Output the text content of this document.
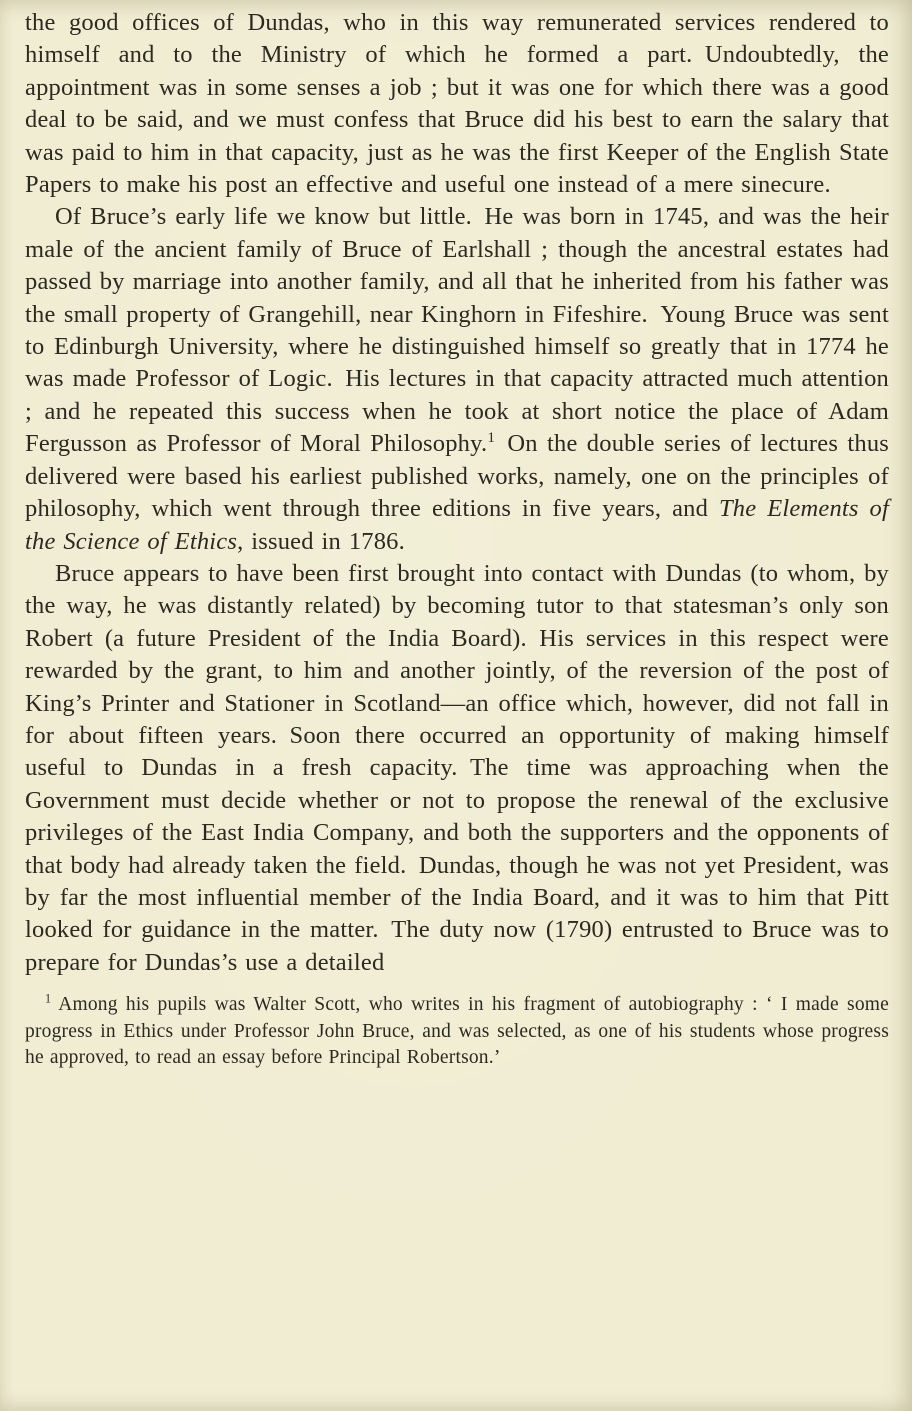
the good offices of Dundas, who in this way remunerated services rendered to himself and to the Ministry of which he formed a part. Undoubtedly, the appointment was in some senses a job ; but it was one for which there was a good deal to be said, and we must confess that Bruce did his best to earn the salary that was paid to him in that capacity, just as he was the first Keeper of the English State Papers to make his post an effective and useful one instead of a mere sinecure.

Of Bruce’s early life we know but little. He was born in 1745, and was the heir male of the ancient family of Bruce of Earlshall ; though the ancestral estates had passed by marriage into another family, and all that he inherited from his father was the small property of Grangehill, near Kinghorn in Fifeshire. Young Bruce was sent to Edinburgh University, where he distinguished himself so greatly that in 1774 he was made Professor of Logic. His lectures in that capacity attracted much attention ; and he repeated this success when he took at short notice the place of Adam Fergusson as Professor of Moral Philosophy.$^1$ On the double series of lectures thus delivered were based his earliest published works, namely, one on the principles of philosophy, which went through three editions in five years, and The Elements of the Science of Ethics, issued in 1786.

Bruce appears to have been first brought into contact with Dundas (to whom, by the way, he was distantly related) by becoming tutor to that statesman’s only son Robert (a future President of the India Board). His services in this respect were rewarded by the grant, to him and another jointly, of the reversion of the post of King’s Printer and Stationer in Scotland—an office which, however, did not fall in for about fifteen years. Soon there occurred an opportunity of making himself useful to Dundas in a fresh capacity. The time was approaching when the Government must decide whether or not to propose the renewal of the exclusive privileges of the East India Company, and both the supporters and the opponents of that body had already taken the field. Dundas, though he was not yet President, was by far the most influential member of the India Board, and it was to him that Pitt looked for guidance in the matter. The duty now (1790) entrusted to Bruce was to prepare for Dundas’s use a detailed

$^1$ Among his pupils was Walter Scott, who writes in his fragment of autobiography : ‘ I made some progress in Ethics under Professor John Bruce, and was selected, as one of his students whose progress he approved, to read an essay before Principal Robertson.’
